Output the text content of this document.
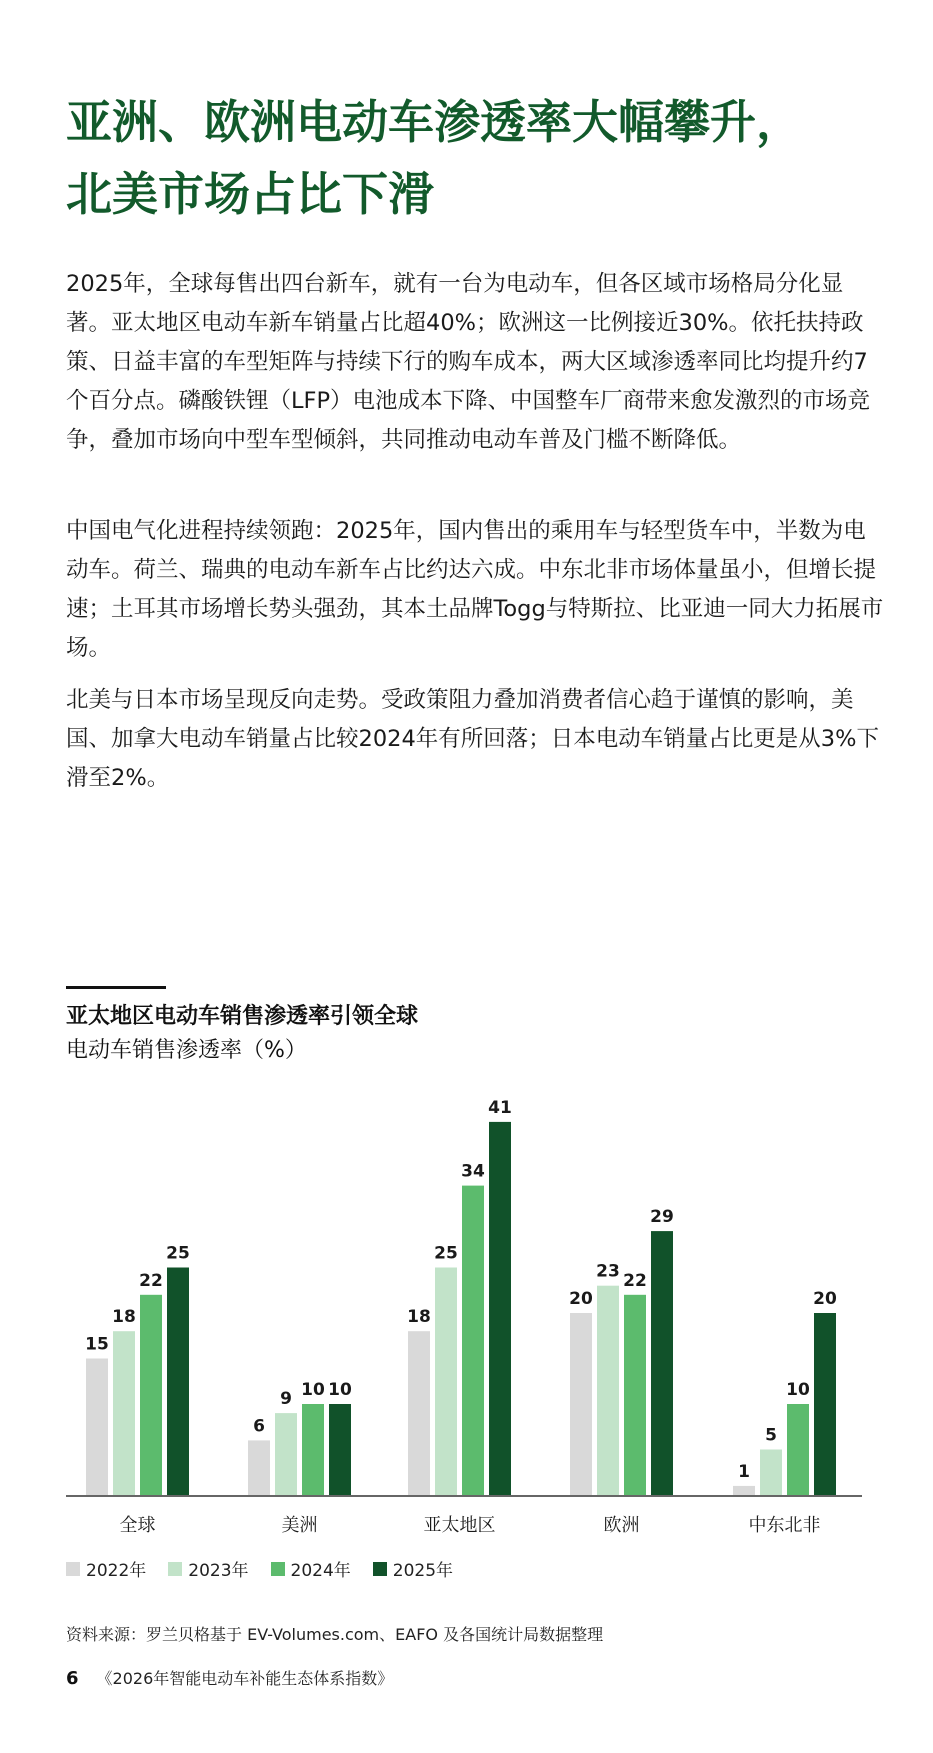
亚洲、欧洲电动车渗透率大幅攀升，
北美市场占比下滑

2025年，全球每售出四台新车，就有一台为电动车，但各区域市场格局分化显著。亚太地区电动车新车销量占比超40%；欧洲这一比例接近30%。依托扶持政策、日益丰富的车型矩阵与持续下行的购车成本，两大区域渗透率同比均提升约7个百分点。磷酸铁锂（LFP）电池成本下降、中国整车厂商带来愈发激烈的市场竞争，叠加市场向中型车型倾斜，共同推动电动车普及门槛不断降低。

中国电气化进程持续领跑：2025年，国内售出的乘用车与轻型货车中，半数为电动车。荷兰、瑞典的电动车新车占比约达六成。中东北非市场体量虽小，但增长提速；土耳其市场增长势头强劲，其本土品牌Togg与特斯拉、比亚迪一同大力拓展市场。

北美与日本市场呈现反向走势。受政策阻力叠加消费者信心趋于谨慎的影响，美国、加拿大电动车销量占比较2024年有所回落；日本电动车销量占比更是从3%下滑至2%。

亚太地区电动车销售渗透率引领全球

电动车销售渗透率（%）

15
18
22
25
全球
6
9 10 10
美洲
18
25
34
41
亚太地区
20
23 22
29
欧洲
1
5
10
20
中东北非
2022年 2023年 2024年 2025年
资料来源：罗兰贝格基于 EV-Volumes.com、EAFO 及各国统计局数据整理
6 《2026年智能电动车补能生态体系指数》
